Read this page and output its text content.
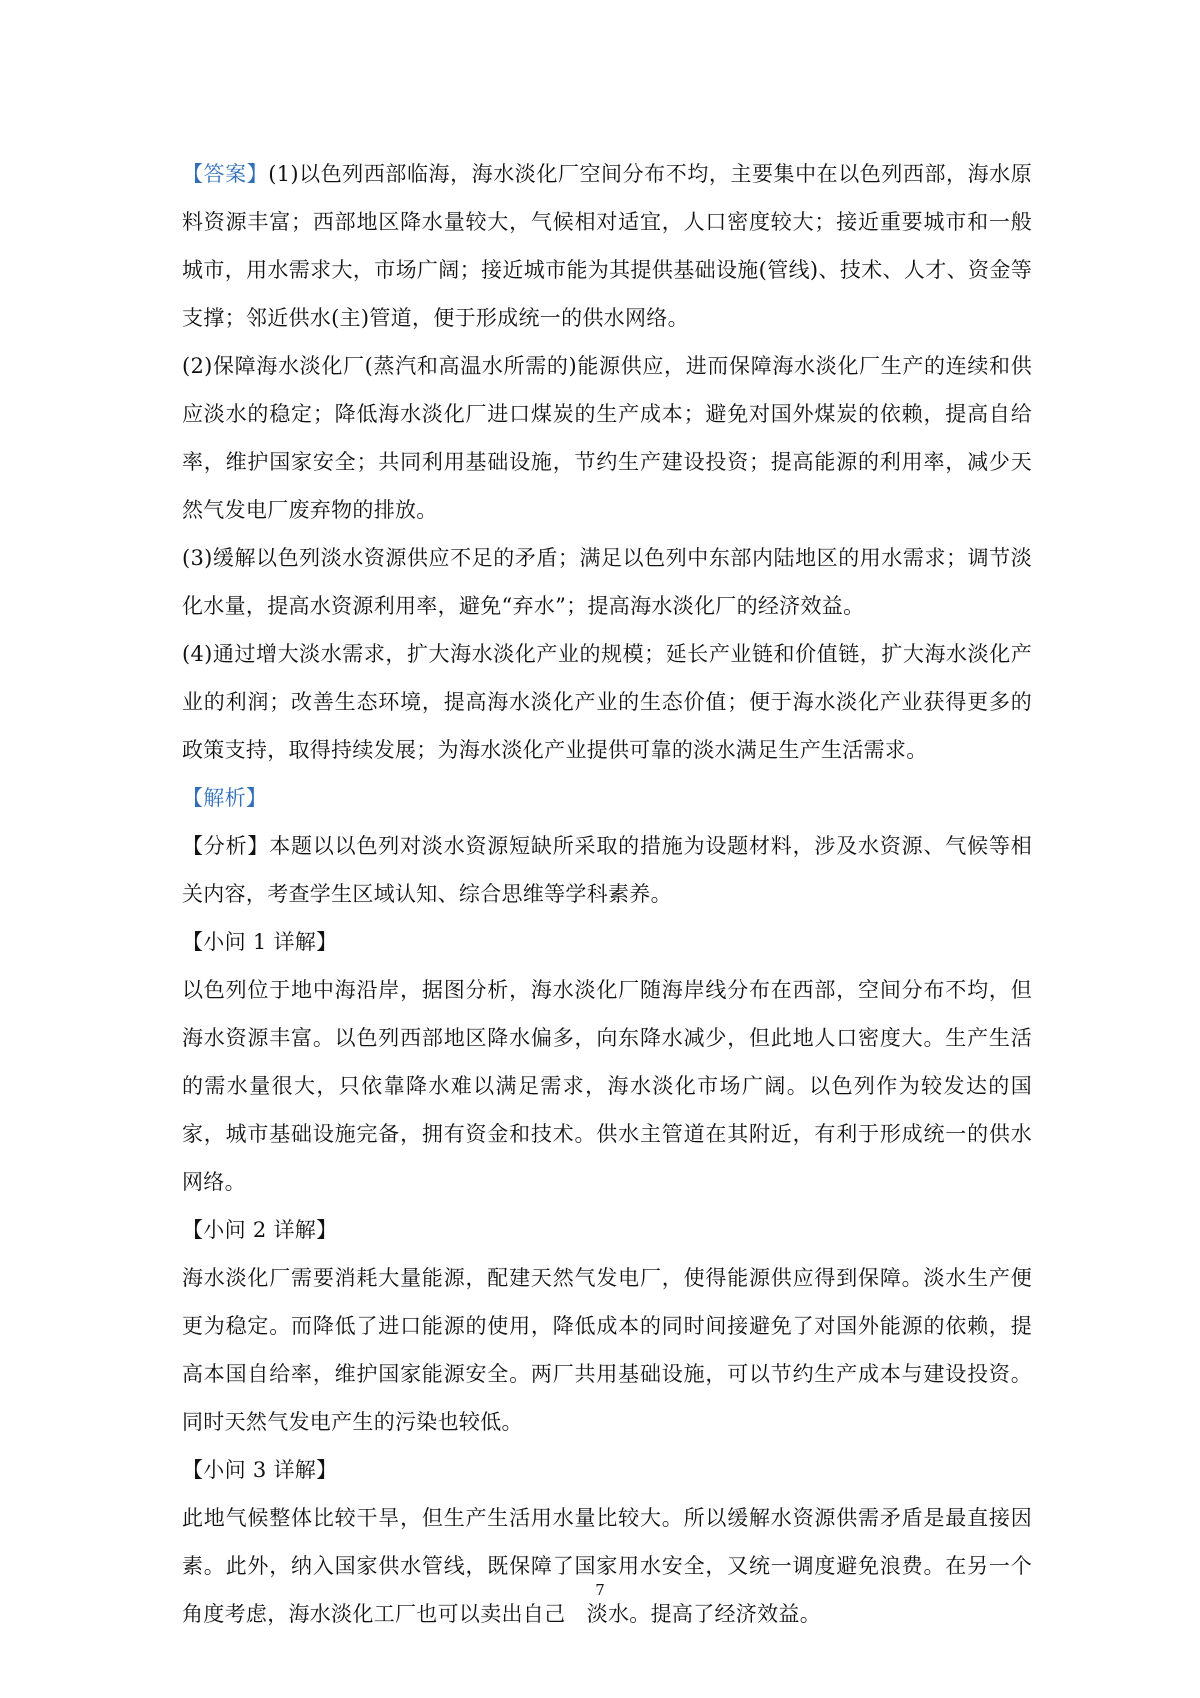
【答案】(1)以色列西部临海，海水淡化厂空间分布不均，主要集中在以色列西部，海水原料资源丰富；西部地区降水量较大，气候相对适宜，人口密度较大；接近重要城市和一般城市，用水需求大，市场广阔；接近城市能为其提供基础设施(管线)、技术、人才、资金等支撑；邻近供水(主)管道，便于形成统一的供水网络。

(2)保障海水淡化厂(蒸汽和高温水所需的)能源供应，进而保障海水淡化厂生产的连续和供应淡水的稳定；降低海水淡化厂进口煤炭的生产成本；避免对国外煤炭的依赖，提高自给率，维护国家安全；共同利用基础设施，节约生产建设投资；提高能源的利用率，减少天然气发电厂废弃物的排放。

(3)缓解以色列淡水资源供应不足的矛盾；满足以色列中东部内陆地区的用水需求；调节淡化水量，提高水资源利用率，避免“弃水”；提高海水淡化厂的经济效益。

(4)通过增大淡水需求，扩大海水淡化产业的规模；延长产业链和价值链，扩大海水淡化产业的利润；改善生态环境，提高海水淡化产业的生态价值；便于海水淡化产业获得更多的政策支持，取得持续发展；为海水淡化产业提供可靠的淡水满足生产生活需求。

【解析】

【分析】本题以以色列对淡水资源短缺所采取的措施为设题材料，涉及水资源、气候等相关内容，考查学生区域认知、综合思维等学科素养。

【小问 1 详解】

以色列位于地中海沿岸，据图分析，海水淡化厂随海岸线分布在西部，空间分布不均，但海水资源丰富。以色列西部地区降水偏多，向东降水减少，但此地人口密度大。生产生活的需水量很大，只依靠降水难以满足需求，海水淡化市场广阔。以色列作为较发达的国家，城市基础设施完备，拥有资金和技术。供水主管道在其附近，有利于形成统一的供水网络。

【小问 2 详解】

海水淡化厂需要消耗大量能源，配建天然气发电厂，使得能源供应得到保障。淡水生产便更为稳定。而降低了进口能源的使用，降低成本的同时间接避免了对国外能源的依赖，提高本国自给率，维护国家能源安全。两厂共用基础设施，可以节约生产成本与建设投资。同时天然气发电产生的污染也较低。

【小问 3 详解】

此地气候整体比较干旱，但生产生活用水量比较大。所以缓解水资源供需矛盾是最直接因素。此外，纳入国家供水管线，既保障了国家用水安全，又统一调度避免浪费。在另一个角度考虑，海水淡化工厂也可以卖出自己　淡水。提高了经济效益。

7
